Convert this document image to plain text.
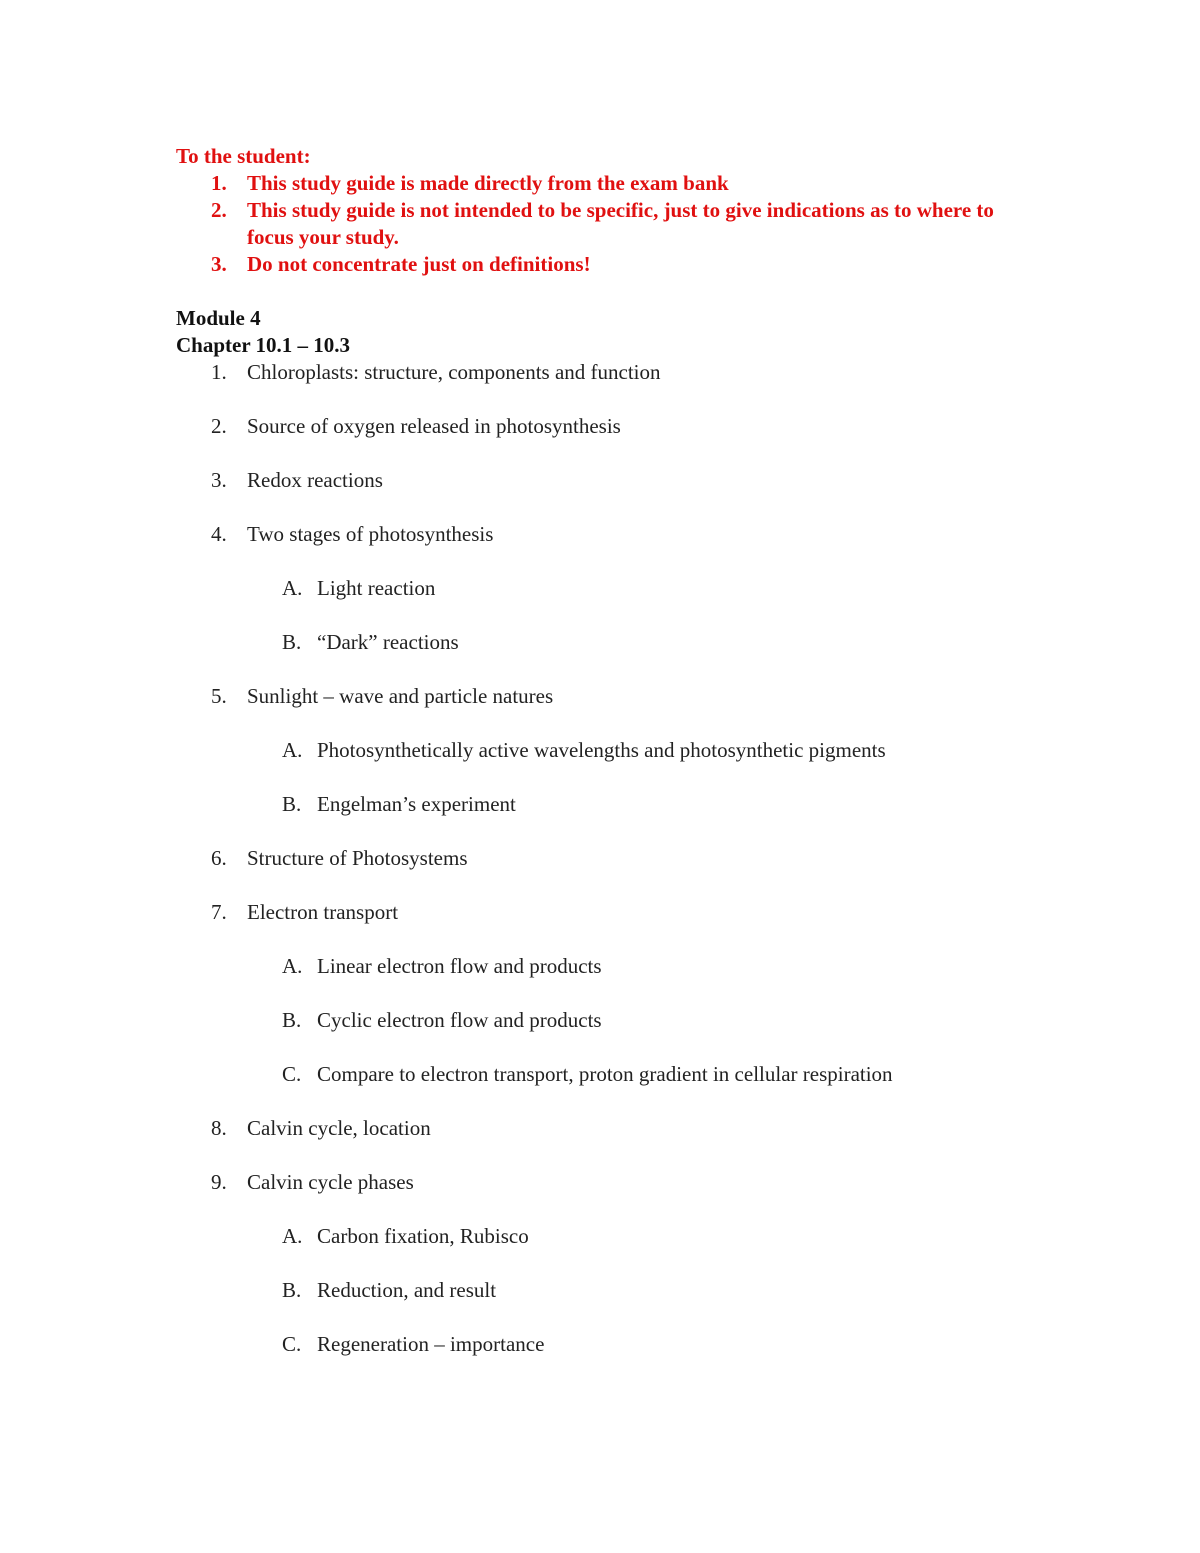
To the student:

1. This study guide is made directly from the exam bank
2. This study guide is not intended to be specific, just to give indications as to where to focus your study.
3. Do not concentrate just on definitions!
Module 4
Chapter 10.1 – 10.3
1. Chloroplasts: structure, components and function
2. Source of oxygen released in photosynthesis
3. Redox reactions
4. Two stages of photosynthesis
A. Light reaction
B. “Dark” reactions
5. Sunlight – wave and particle natures
A. Photosynthetically active wavelengths and photosynthetic pigments
B. Engelman’s experiment
6. Structure of Photosystems
7. Electron transport
A. Linear electron flow and products
B. Cyclic electron flow and products
C. Compare to electron transport, proton gradient in cellular respiration
8. Calvin cycle, location
9. Calvin cycle phases
A. Carbon fixation, Rubisco
B. Reduction, and result
C. Regeneration – importance
